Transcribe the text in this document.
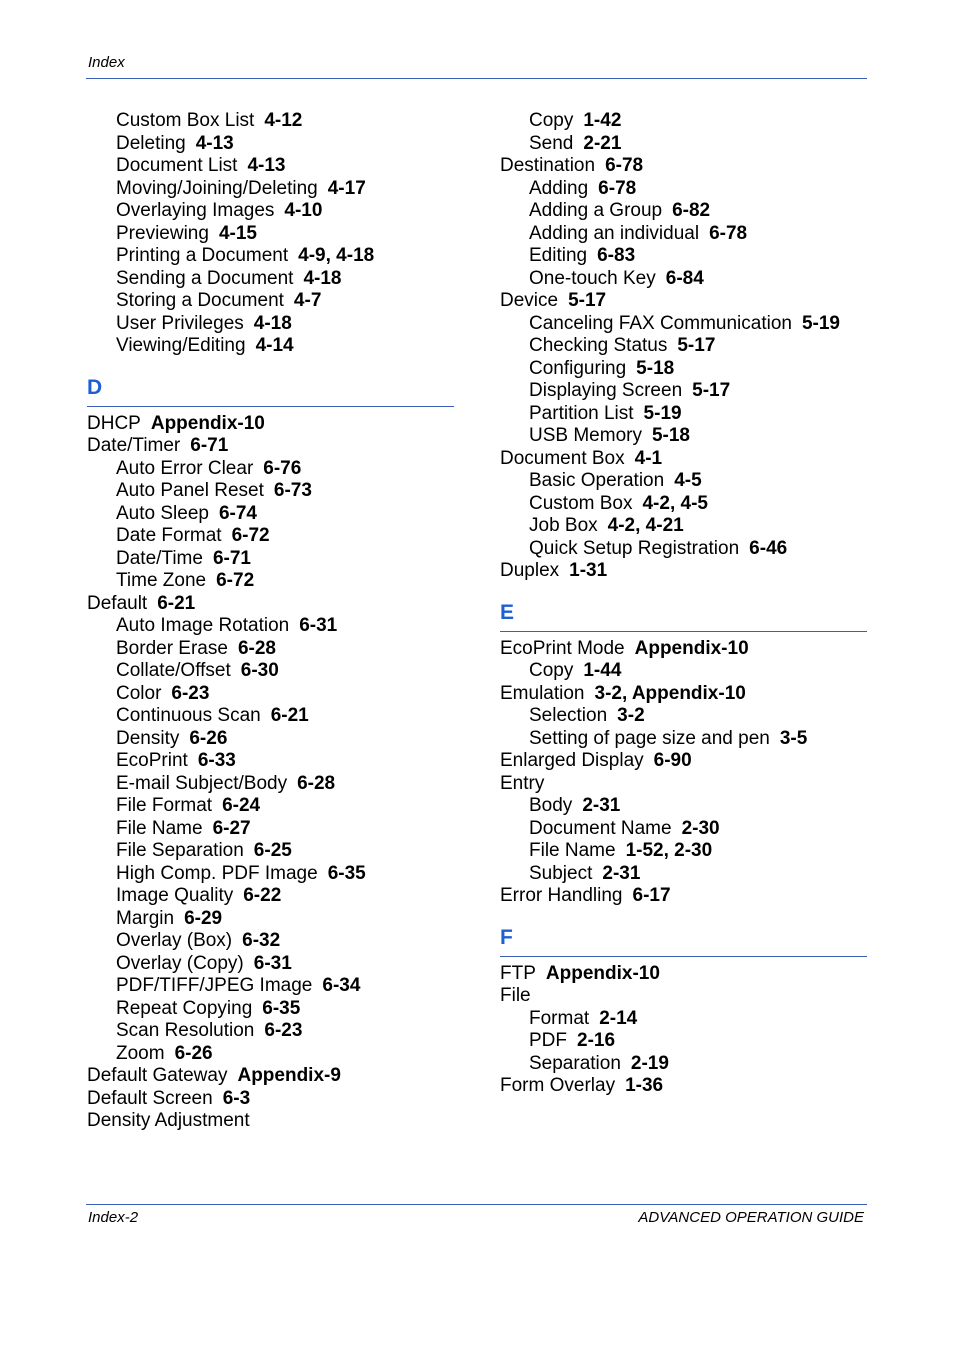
Index
Custom Box List 4-12
Deleting 4-13
Document List 4-13
Moving/Joining/Deleting 4-17
Overlaying Images 4-10
Previewing 4-15
Printing a Document 4-9, 4-18
Sending a Document 4-18
Storing a Document 4-7
User Privileges 4-18
Viewing/Editing 4-14
D
DHCP Appendix-10
Date/Timer 6-71
Auto Error Clear 6-76
Auto Panel Reset 6-73
Auto Sleep 6-74
Date Format 6-72
Date/Time 6-71
Time Zone 6-72
Default 6-21
Auto Image Rotation 6-31
Border Erase 6-28
Collate/Offset 6-30
Color 6-23
Continuous Scan 6-21
Density 6-26
EcoPrint 6-33
E-mail Subject/Body 6-28
File Format 6-24
File Name 6-27
File Separation 6-25
High Comp. PDF Image 6-35
Image Quality 6-22
Margin 6-29
Overlay (Box) 6-32
Overlay (Copy) 6-31
PDF/TIFF/JPEG Image 6-34
Repeat Copying 6-35
Scan Resolution 6-23
Zoom 6-26
Default Gateway Appendix-9
Default Screen 6-3
Density Adjustment
Copy 1-42
Send 2-21
Destination 6-78
Adding 6-78
Adding a Group 6-82
Adding an individual 6-78
Editing 6-83
One-touch Key 6-84
Device 5-17
Canceling FAX Communication 5-19
Checking Status 5-17
Configuring 5-18
Displaying Screen 5-17
Partition List 5-19
USB Memory 5-18
Document Box 4-1
Basic Operation 4-5
Custom Box 4-2, 4-5
Job Box 4-2, 4-21
Quick Setup Registration 6-46
Duplex 1-31
E
EcoPrint Mode Appendix-10
Copy 1-44
Emulation 3-2, Appendix-10
Selection 3-2
Setting of page size and pen 3-5
Enlarged Display 6-90
Entry
Body 2-31
Document Name 2-30
File Name 1-52, 2-30
Subject 2-31
Error Handling 6-17
F
FTP Appendix-10
File
Format 2-14
PDF 2-16
Separation 2-19
Form Overlay 1-36
Index-2	ADVANCED OPERATION GUIDE
